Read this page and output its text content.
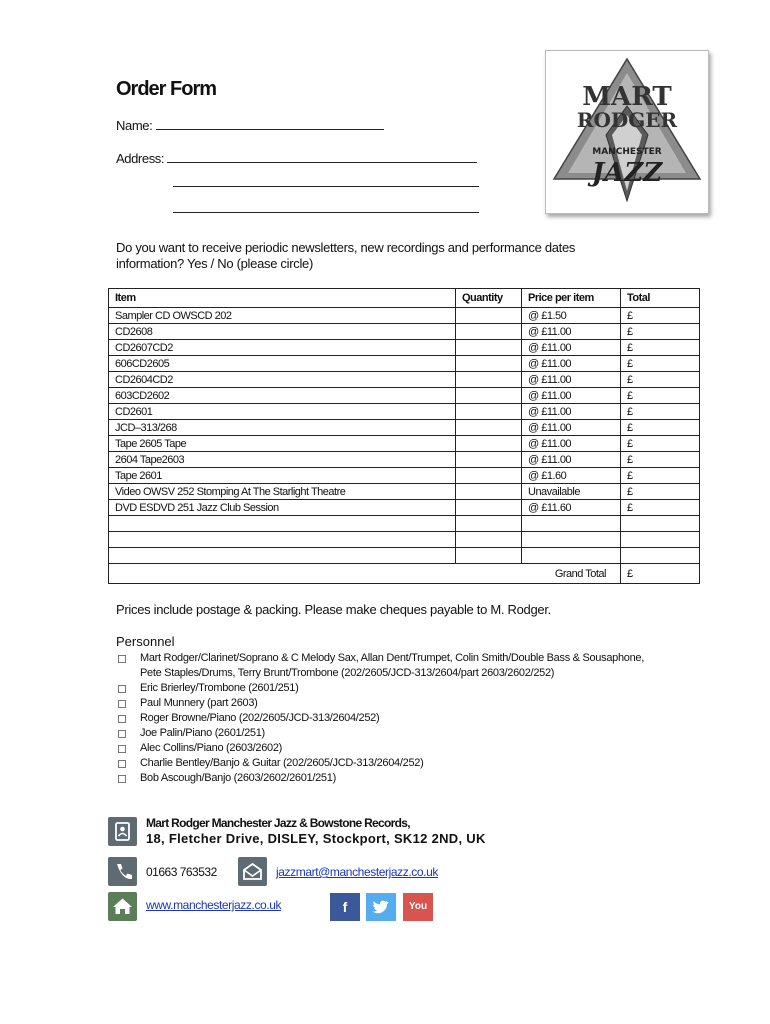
Order Form
Name:
Address:
MART
RODGER
MANCHESTER
JAZZ
Do you want to receive periodic newsletters, new recordings and performance dates information? Yes / No (please circle)
Item	Quantity	Price per item	Total
Sampler CD OWSCD 202		@ £1.50	£
CD2608		@ £11.00	£
CD2607CD2		@ £11.00	£
606CD2605		@ £11.00	£
CD2604CD2		@ £11.00	£
603CD2602		@ £11.00	£
CD2601		@ £11.00	£
JCD–313/268		@ £11.00	£
Tape 2605 Tape		@ £11.00	£
2604 Tape2603		@ £11.00	£
Tape 2601		@ £1.60	£
Video OWSV 252 Stomping At The Starlight Theatre		Unavailable	£
DVD ESDVD 251 Jazz Club Session		@ £11.60	£

Grand Total			£
Prices include postage & packing. Please make cheques payable to M. Rodger.
Personnel
Mart Rodger/Clarinet/Soprano & C Melody Sax, Allan Dent/Trumpet, Colin Smith/Double Bass & Sousaphone, Pete Staples/Drums, Terry Brunt/Trombone (202/2605/JCD-313/2604/part 2603/2602/252)
Eric Brierley/Trombone (2601/251)
Paul Munnery (part 2603)
Roger Browne/Piano (202/2605/JCD-313/2604/252)
Joe Palin/Piano (2601/251)
Alec Collins/Piano (2603/2602)
Charlie Bentley/Banjo & Guitar (202/2605/JCD-313/2604/252)
Bob Ascough/Banjo (2603/2602/2601/251)
Mart Rodger Manchester Jazz & Bowstone Records,
18, Fletcher Drive, DISLEY, Stockport, SK12 2ND, UK
01663 763532	jazzmart@manchesterjazz.co.uk
www.manchesterjazz.co.uk	f	You
